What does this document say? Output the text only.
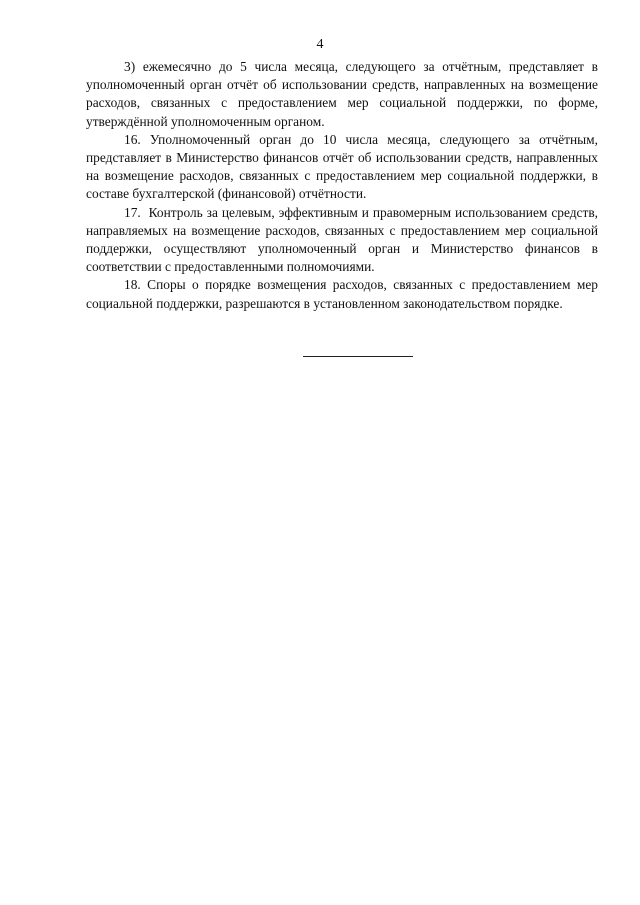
4

3) ежемесячно до 5 числа месяца, следующего за отчётным, представляет в уполномоченный орган отчёт об использовании средств, направленных на возмещение расходов, связанных с предоставлением мер социальной поддержки, по форме, утверждённой уполномоченным органом.

16. Уполномоченный орган до 10 числа месяца, следующего за отчётным, представляет в Министерство финансов отчёт об использовании средств, направленных на возмещение расходов, связанных с предоставлением мер социальной поддержки, в составе бухгалтерской (финансовой) отчётности.

17.  Контроль за целевым, эффективным и правомерным использованием средств, направляемых на возмещение расходов, связанных с предоставлением мер социальной поддержки, осуществляют уполномоченный орган и Министерство финансов в соответствии с предоставленными полномочиями.

18. Споры о порядке возмещения расходов, связанных с предоставлением мер социальной поддержки, разрешаются в установленном законодательством порядке.
